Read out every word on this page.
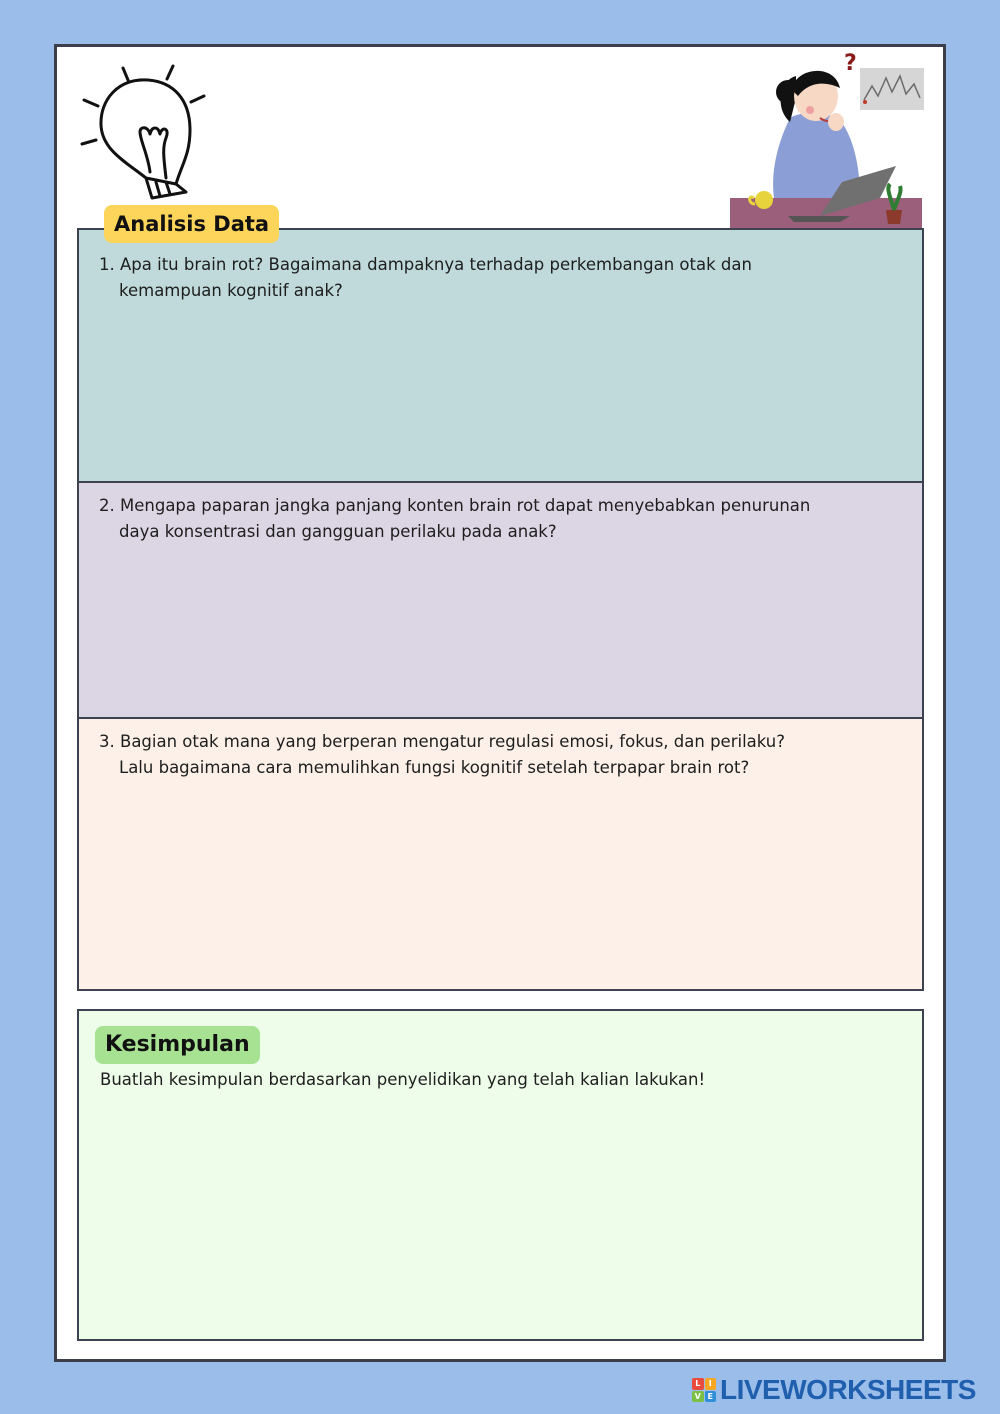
?
1. Apa itu brain rot? Bagaimana dampaknya terhadap perkembangan otak dan
kemampuan kognitif anak?
2. Mengapa paparan jangka panjang konten brain rot dapat menyebabkan penurunan
daya konsentrasi dan gangguan perilaku pada anak?
3. Bagian otak mana yang berperan mengatur regulasi emosi, fokus, dan perilaku?
Lalu bagaimana cara memulihkan fungsi kognitif setelah terpapar brain rot?
Analisis Data
Kesimpulan
Buatlah kesimpulan berdasarkan penyelidikan yang telah kalian lakukan!
L	I
V E LIVEWORKSHEETS
